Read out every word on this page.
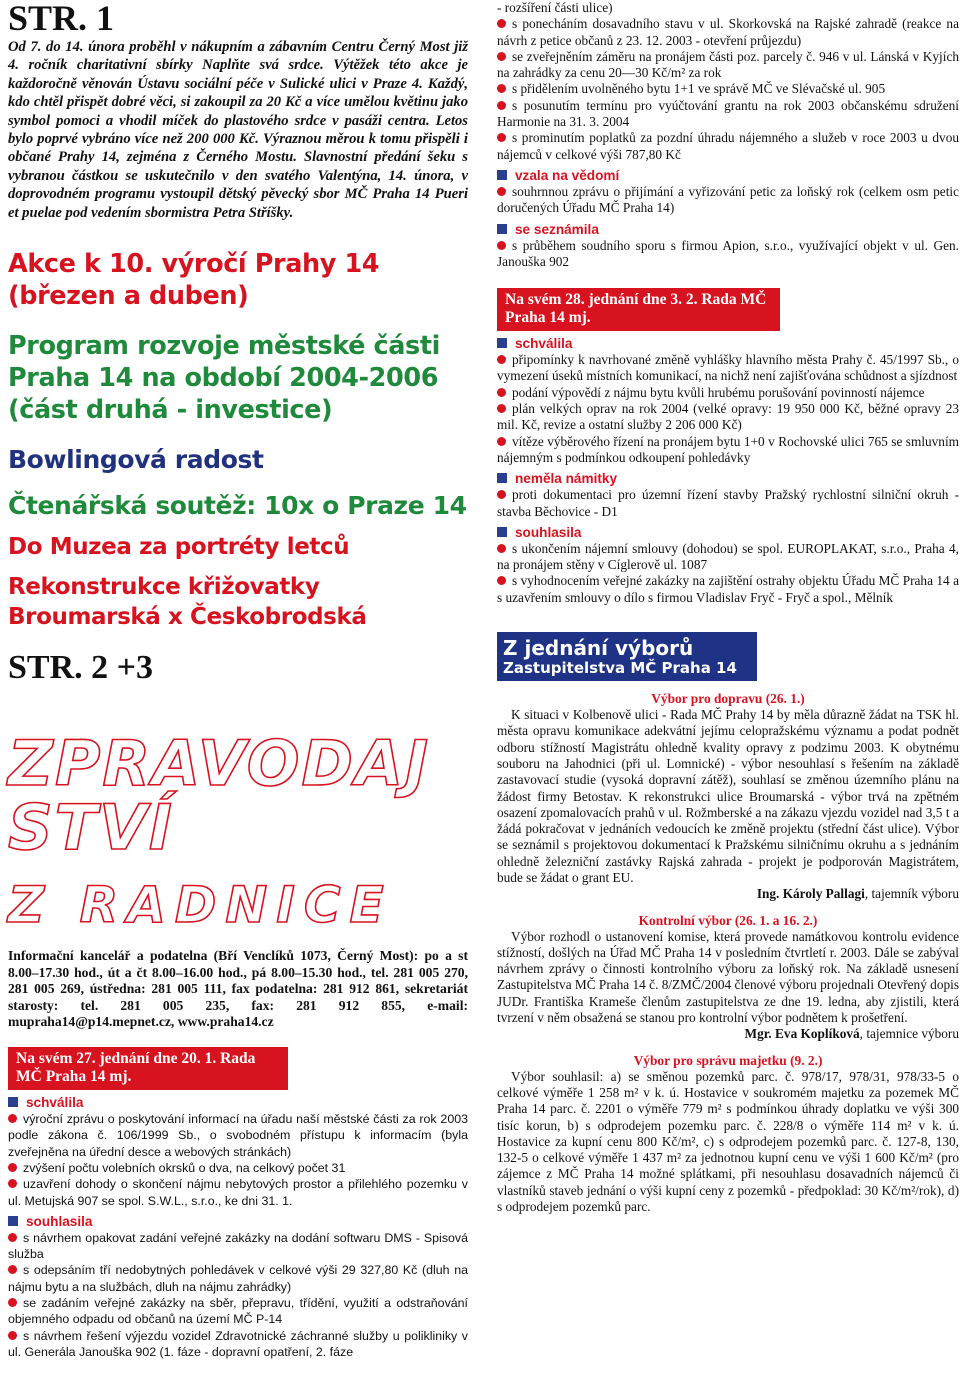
STR. 1

Od 7. do 14. února proběhl v nákupním a zábavním Centru Černý Most již 4. ročník charitativní sbírky Naplňte svá srdce. Výtěžek této akce je každoročně věnován Ústavu sociální péče v Sulické ulici v Praze 4. Každý, kdo chtěl přispět dobré věci, si zakoupil za 20 Kč a více umělou květinu jako symbol pomoci a vhodil míček do plastového srdce v pasáži centra. Letos bylo poprvé vybráno více než 200 000 Kč. Výraznou měrou k tomu přispěli i občané Prahy 14, zejména z Černého Mostu. Slavnostní předání šeku s vybranou částkou se uskutečnilo v den svatého Valentýna, 14. února, v doprovodném programu vystoupil dětský pěvecký sbor MČ Praha 14 Pueri et puelae pod vedením sbormistra Petra Stříšky.

Akce k 10. výročí Prahy 14 (březen a duben)
Program rozvoje městské části Praha 14 na období 2004-2006 (část druhá - investice)
Bowlingová radost
Čtenářská soutěž: 10x o Praze 14
Do Muzea za portréty letců
Rekonstrukce křižovatky Broumarská x Českobrodská
STR. 2 +3
ZPRAVODAJ
STVÍ
Z RADNICE

Informační kancelář a podatelna (Bří Venclíků 1073, Černý Most): po a st 8.00–17.30 hod., út a čt 8.00–16.00 hod., pá 8.00–15.30 hod., tel. 281 005 270, 281 005 269, ústředna: 281 005 111, fax podatelna: 281 912 861, sekretariát starosty: tel. 281 005 235, fax: 281 912 855, e-mail: mupraha14@p14.mepnet.cz, www.praha14.cz

Na svém 27. jednání dne 20. 1. Rada MČ Praha 14 mj.
schválila

výroční zprávu o poskytování informací na úřadu naší městské části za rok 2003 podle zákona č. 106/1999 Sb., o svobodném přístupu k informacím (byla zveřejněna na úřední desce a webových stránkách)

zvýšení počtu volebních okrsků o dva, na celkový počet 31

uzavření dohody o skončení nájmu nebytových prostor a přilehlého pozemku v ul. Metujská 907 se spol. S.W.L., s.r.o., ke dni 31. 1.

souhlasila

s návrhem opakovat zadání veřejné zakázky na dodání softwaru DMS - Spisová služba

s odepsáním tří nedobytných pohledávek v celkové výši 29 327,80 Kč (dluh na nájmu bytu a na službách, dluh na nájmu zahrádky)

se zadáním veřejné zakázky na sběr, přepravu, třídění, využití a odstraňování objemného odpadu od občanů na území MČ P-14

s návrhem řešení výjezdu vozidel Zdravotnické záchranné služby u polikliniky v ul. Generála Janouška 902 (1. fáze - dopravní opatření, 2. fáze

- rozšíření části ulice)

s ponecháním dosavadního stavu v ul. Skorkovská na Rajské zahradě (reakce na návrh z petice občanů z 23. 12. 2003 - otevření průjezdu)

se zveřejněním záměru na pronájem části poz. parcely č. 946 v ul. Lánská v Kyjích na zahrádky za cenu 20—30 Kč/m² za rok

s přidělením uvolněného bytu 1+1 ve správě MČ ve Slévačské ul. 905

s posunutím termínu pro vyúčtování grantu na rok 2003 občanskému sdružení Harmonie na 31. 3. 2004

s prominutím poplatků za pozdní úhradu nájemného a služeb v roce 2003 u dvou nájemců v celkové výši 787,80 Kč

vzala na vědomí

souhrnnou zprávu o přijímání a vyřizování petic za loňský rok (celkem osm petic doručených Úřadu MČ Praha 14)

se seznámila

s průběhem soudního sporu s firmou Apion, s.r.o., využívající objekt v ul. Gen. Janouška 902

Na svém 28. jednání dne 3. 2. Rada MČ Praha 14 mj.
schválila

připomínky k navrhované změně vyhlášky hlavního města Prahy č. 45/1997 Sb., o vymezení úseků místních komunikací, na nichž není zajišťována schůdnost a sjízdnost

podání výpovědí z nájmu bytu kvůli hrubému porušování povinností nájemce

plán velkých oprav na rok 2004 (velké opravy: 19 950 000 Kč, běžné opravy 23 mil. Kč, revize a ostatní služby 2 206 000 Kč)

vítěze výběrového řízení na pronájem bytu 1+0 v Rochovské ulici 765 se smluvním nájemným s podmínkou odkoupení pohledávky

neměla námitky

proti dokumentaci pro územní řízení stavby Pražský rychlostní silniční okruh - stavba Běchovice - D1

souhlasila

s ukončením nájemní smlouvy (dohodou) se spol. EUROPLAKAT, s.r.o., Praha 4, na pronájem stěny v Cíglerově ul. 1087

s vyhodnocením veřejné zakázky na zajištění ostrahy objektu Úřadu MČ Praha 14 a s uzavřením smlouvy o dílo s firmou Vladislav Fryč - Fryč a spol., Mělník

Z jednání výborů
Zastupitelstva MČ Praha 14
Výbor pro dopravu (26. 1.)

K situaci v Kolbenově ulici - Rada MČ Prahy 14 by měla důrazně žádat na TSK hl. města opravu komunikace adekvátní jejímu celopražskému významu a podat podnět odboru stížností Magistrátu ohledně kvality opravy z podzimu 2003. K obytnému souboru na Jahodnici (při ul. Lomnické) - výbor nesouhlasí s řešením na základě zastavovací studie (vysoká dopravní zátěž), souhlasí se změnou územního plánu na žádost firmy Betostav. K rekonstrukci ulice Broumarská - výbor trvá na zpětném osazení zpomalovacích prahů v ul. Rožmberské a na zákazu vjezdu vozidel nad 3,5 t a žádá pokračovat v jednáních vedoucích ke změně projektu (střední část ulice). Výbor se seznámil s projektovou dokumentací k Pražskému silničnímu okruhu a s jednáním ohledně železniční zastávky Rajská zahrada - projekt je podporován Magistrátem, bude se žádat o grant EU.

Ing. Károly Pallagi, tajemník výboru

Kontrolní výbor (26. 1. a 16. 2.)

Výbor rozhodl o ustanovení komise, která provede namátkovou kontrolu evidence stížností, došlých na Úřad MČ Praha 14 v posledním čtvrtletí r. 2003. Dále se zabýval návrhem zprávy o činnosti kontrolního výboru za loňský rok. Na základě usnesení Zastupitelstva MČ Praha 14 č. 8/ZMČ/2004 členové výboru projednali Otevřený dopis JUDr. Františka Krameše členům zastupitelstva ze dne 19. ledna, aby zjistili, která tvrzení v něm obsažená se stanou pro kontrolní výbor podnětem k prošetření.

Mgr. Eva Koplíková, tajemnice výboru

Výbor pro správu majetku (9. 2.)

Výbor souhlasil: a) se směnou pozemků parc. č. 978/17, 978/31, 978/33-5 o celkové výměře 1 258 m² v k. ú. Hostavice v soukromém majetku za pozemek MČ Praha 14 parc. č. 2201 o výměře 779 m² s podmínkou úhrady doplatku ve výši 300 tisíc korun, b) s odprodejem pozemku parc. č. 228/8 o výměře 114 m² v k. ú. Hostavice za kupní cenu 800 Kč/m², c) s odprodejem pozemků parc. č. 127-8, 130, 132-5 o celkové výměře 1 437 m² za jednotnou kupní cenu ve výši 1 600 Kč/m² (pro zájemce z MČ Praha 14 možné splátkami, při nesouhlasu dosavadních nájemců či vlastníků staveb jednání o výši kupní ceny z pozemků - předpoklad: 30 Kč/m²/rok), d) s odprodejem pozemků parc.
